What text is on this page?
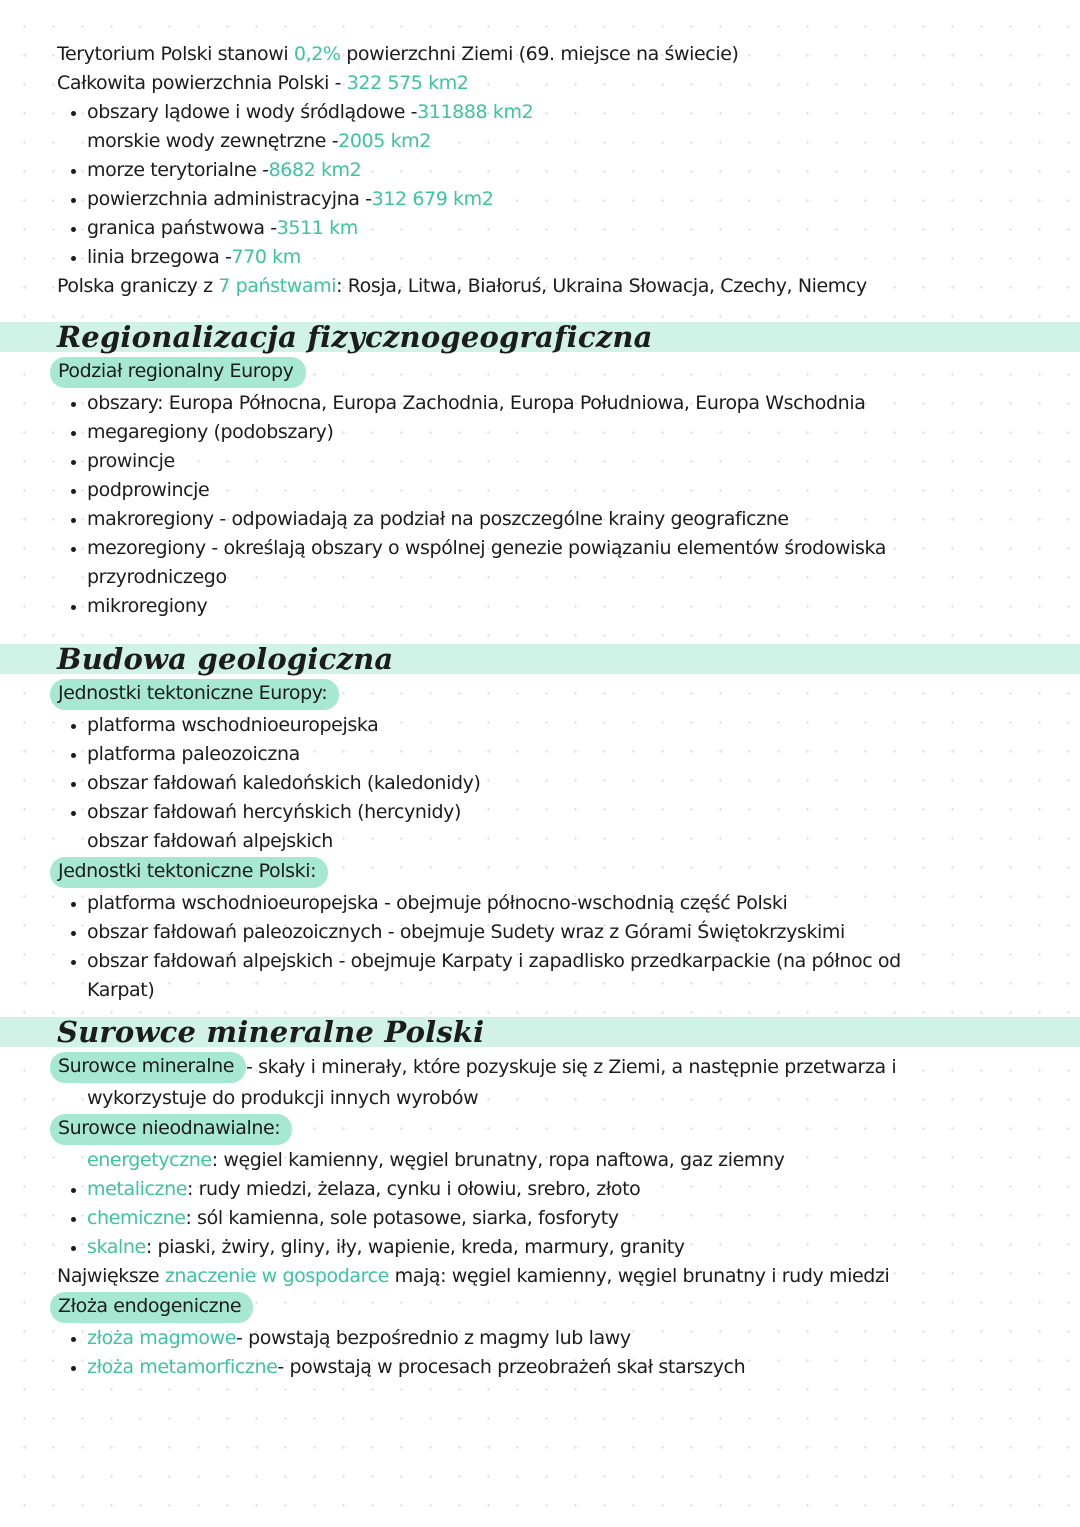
Terytorium Polski stanowi 0,2% powierzchni Ziemi (69. miejsce na świecie)
Całkowita powierzchnia Polski - 322 575 km2
obszary lądowe i wody śródlądowe - 311888 km2
morskie wody zewnętrzne - 2005 km2
morze terytorialne - 8682 km2
powierzchnia administracyjna - 312 679 km2
granica państwowa - 3511 km
linia brzegowa - 770 km
Polska graniczy z 7 państwami: Rosja, Litwa, Białoruś, Ukraina Słowacja, Czechy, Niemcy
Regionalizacja fizycznogeograficzna
Podział regionalny Europy
obszary: Europa Północna, Europa Zachodnia, Europa Południowa, Europa Wschodnia
megaregiony (podobszary)
prowincje
podprowincje
makroregiony - odpowiadają za podział na poszczególne krainy geograficzne
mezoregiony - określają obszary o wspólnej genezie powiązaniu elementów środowiska
przyrodniczego
mikroregiony
Budowa geologiczna
Jednostki tektoniczne Europy:
platforma wschodnioeuropejska
platforma paleozoiczna
obszar fałdowań kaledońskich (kaledonidy)
obszar fałdowań hercyńskich (hercynidy)
obszar fałdowań alpejskich
Jednostki tektoniczne Polski:
platforma wschodnioeuropejska - obejmuje północno-wschodnią część Polski
obszar fałdowań paleozoicznych - obejmuje Sudety wraz z Górami Świętokrzyskimi
obszar fałdowań alpejskich - obejmuje Karpaty i zapadlisko przedkarpackie (na północ od
Karpat)
Surowce mineralne Polski
Surowce mineralne - skały i minerały, które pozyskuje się z Ziemi, a następnie przetwarza i
wykorzystuje do produkcji innych wyrobów
Surowce nieodnawialne:
energetyczne : węgiel kamienny, węgiel brunatny, ropa naftowa, gaz ziemny
metaliczne : rudy miedzi, żelaza, cynku i ołowiu, srebro, złoto
chemiczne : sól kamienna, sole potasowe, siarka, fosforyty
skalne : piaski, żwiry, gliny, iły, wapienie, kreda, marmury, granity
Największe znaczenie w gospodarce mają: węgiel kamienny, węgiel brunatny i rudy miedzi
Złoża endogeniczne
złoża magmowe - powstają bezpośrednio z magmy lub lawy
złoża metamorficzne - powstają w procesach przeobrażeń skał starszych
